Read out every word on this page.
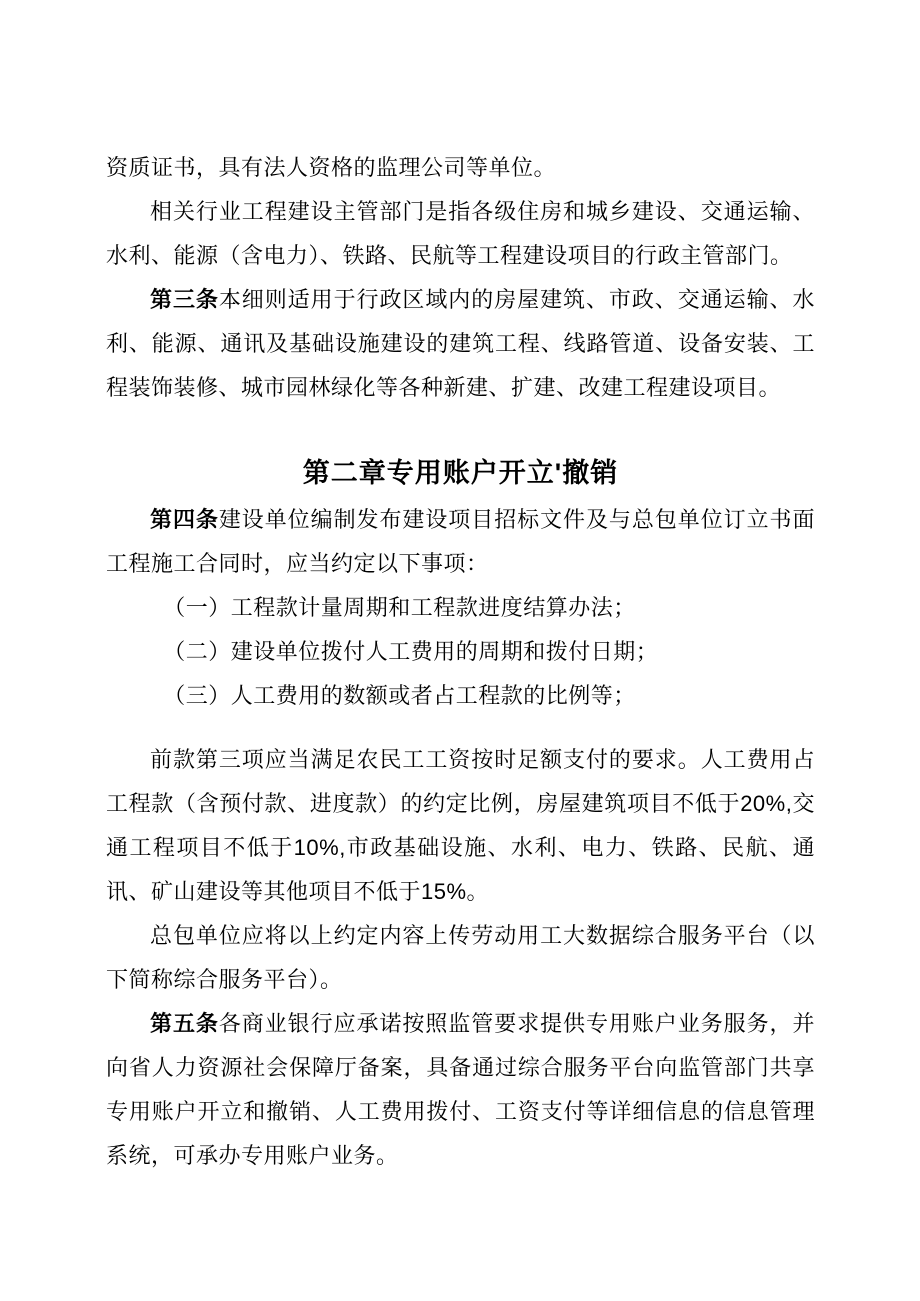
资质证书，具有法人资格的监理公司等单位。

相关行业工程建设主管部门是指各级住房和城乡建设、交通运输、水利、能源（含电力）、铁路、民航等工程建设项目的行政主管部门。

第三条本细则适用于行政区域内的房屋建筑、市政、交通运输、水利、能源、通讯及基础设施建设的建筑工程、线路管道、设备安装、工程装饰装修、城市园林绿化等各种新建、扩建、改建工程建设项目。

第二章专用账户开立'撤销

第四条建设单位编制发布建设项目招标文件及与总包单位订立书面工程施工合同时，应当约定以下事项：

（一）工程款计量周期和工程款进度结算办法；

（二）建设单位拨付人工费用的周期和拨付日期；

（三）人工费用的数额或者占工程款的比例等；

前款第三项应当满足农民工工资按时足额支付的要求。人工费用占工程款（含预付款、进度款）的约定比例，房屋建筑项目不低于20%,交通工程项目不低于10%,市政基础设施、水利、电力、铁路、民航、通讯、矿山建设等其他项目不低于15%。

总包单位应将以上约定内容上传劳动用工大数据综合服务平台（以下简称综合服务平台）。

第五条各商业银行应承诺按照监管要求提供专用账户业务服务，并向省人力资源社会保障厅备案，具备通过综合服务平台向监管部门共享专用账户开立和撤销、人工费用拨付、工资支付等详细信息的信息管理系统，可承办专用账户业务。
